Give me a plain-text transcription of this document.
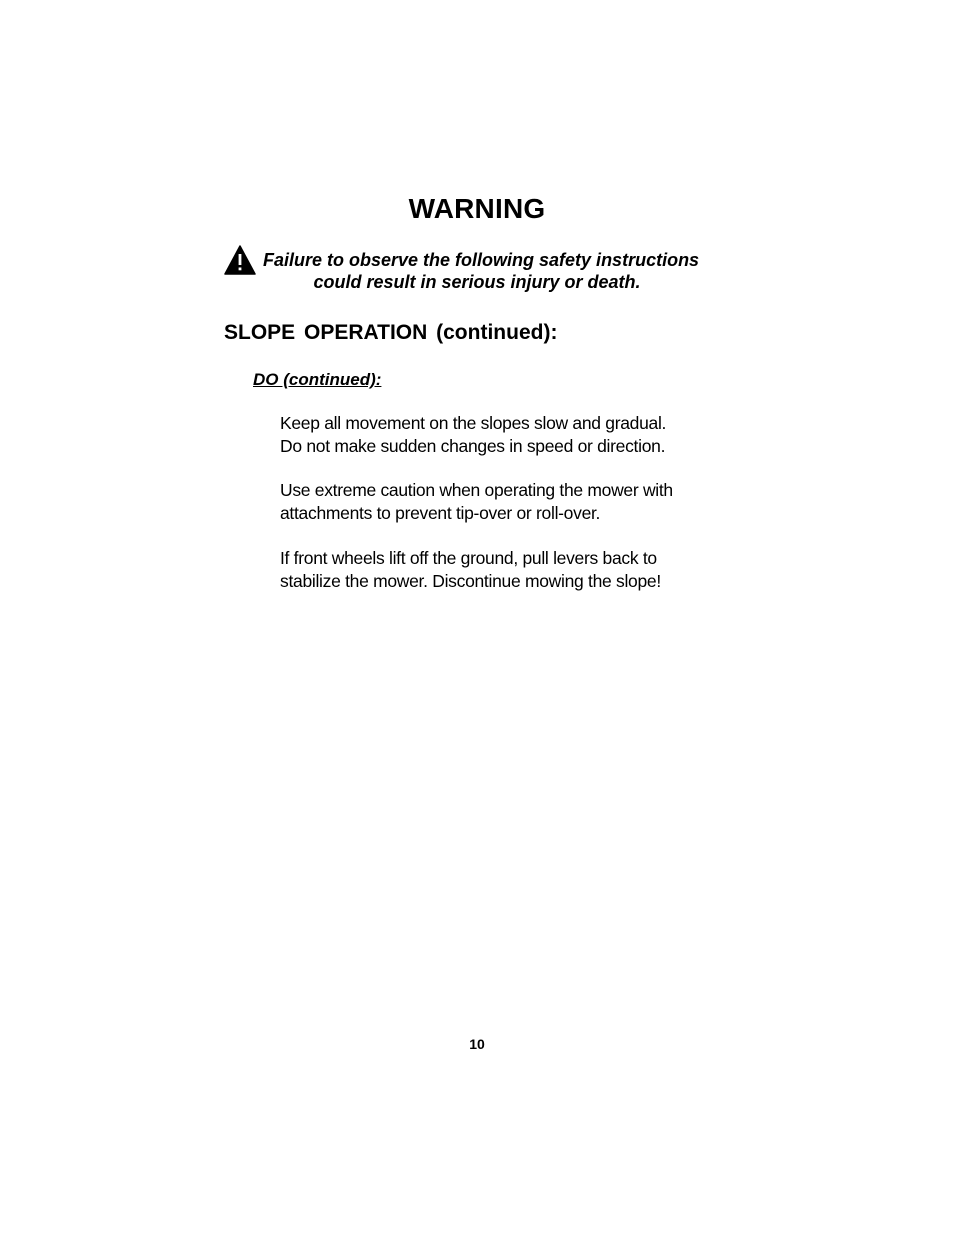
WARNING
Failure to observe the following safety instructions
could result in serious injury or death.
SLOPE OPERATION (continued):
DO (continued):
Keep all movement on the slopes slow and gradual.
Do not make sudden changes in speed or direction.
Use extreme caution when operating the mower with
attachments to prevent tip-over or roll-over.
If front wheels lift off the ground, pull levers back to
stabilize the mower. Discontinue mowing the slope!
10
